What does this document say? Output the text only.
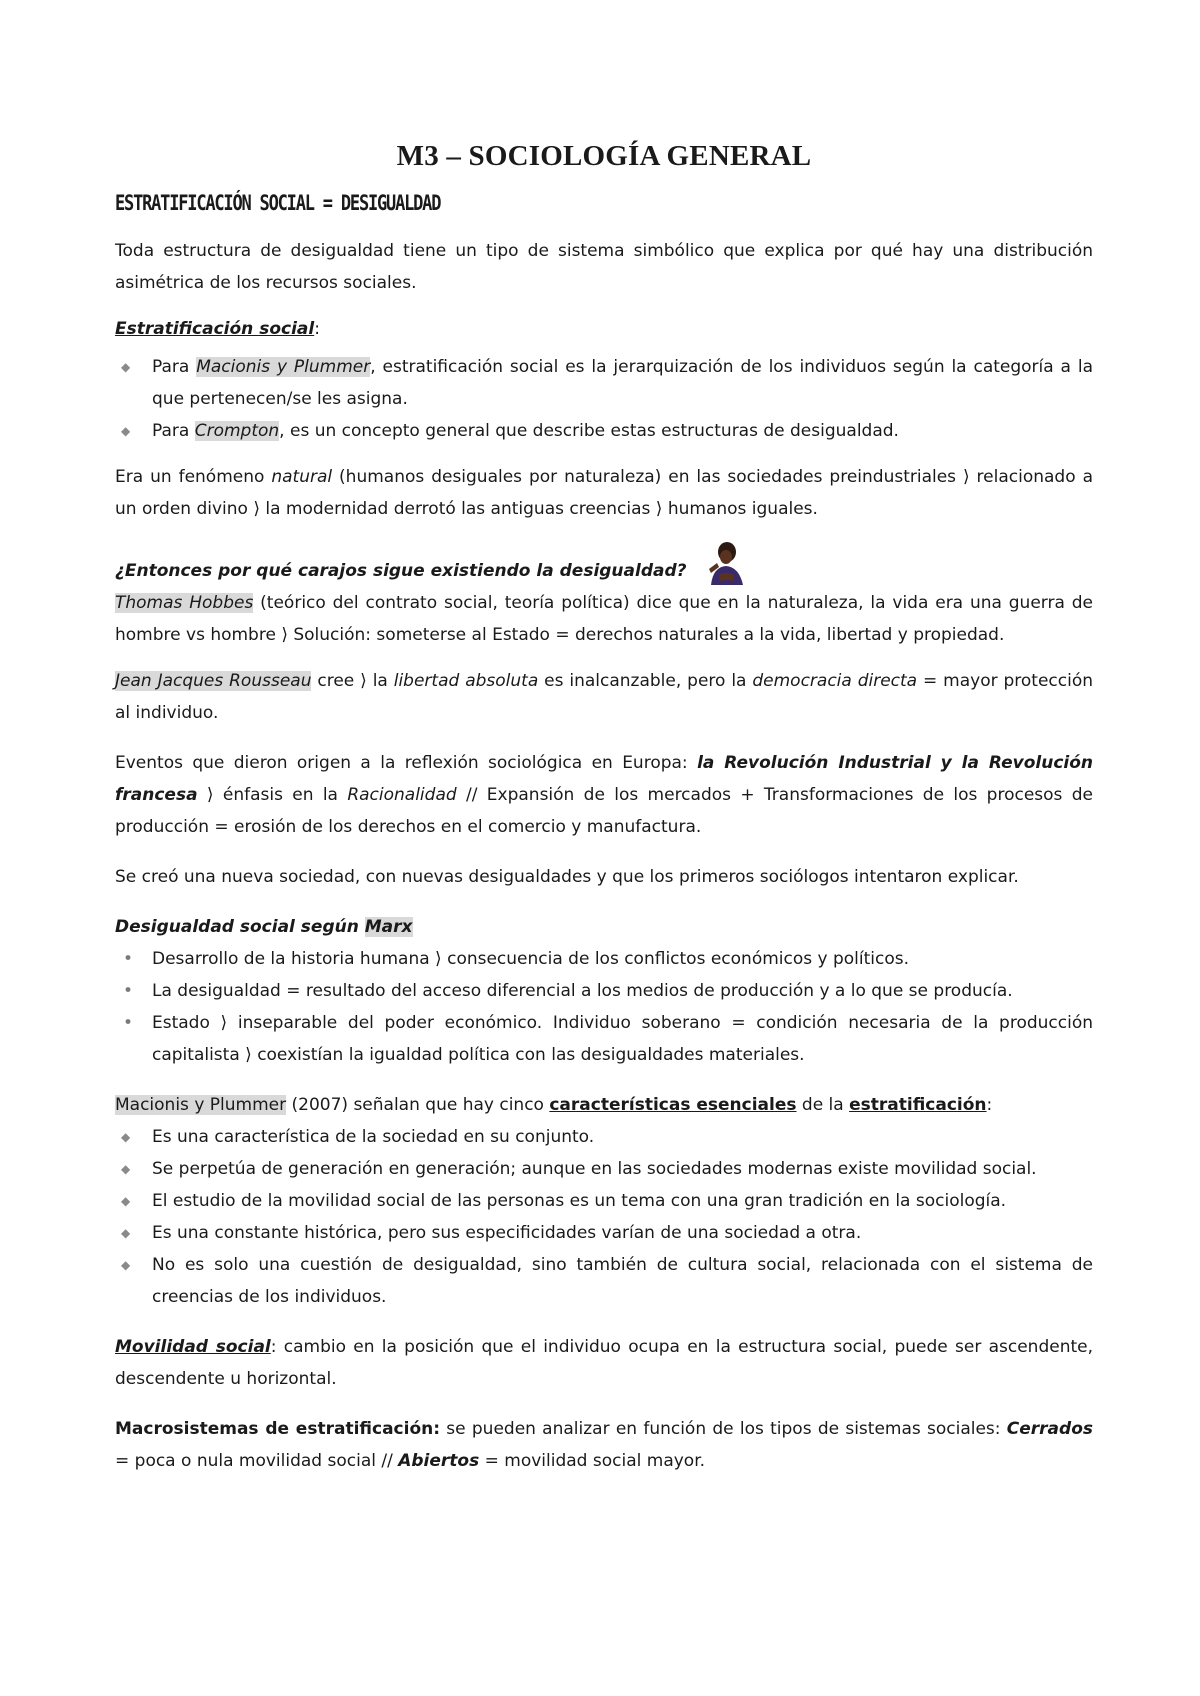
M3 – SOCIOLOGÍA GENERAL
ESTRATIFICACIÓN SOCIAL = DESIGUALDAD

Toda estructura de desigualdad tiene un tipo de sistema simbólico que explica por qué hay una distribución asimétrica de los recursos sociales.

Estratificación social:

◆ Para Macionis y Plummer, estratificación social es la jerarquización de los individuos según la categoría a la que pertenecen/se les asigna.
◆ Para Crompton, es un concepto general que describe estas estructuras de desigualdad.

Era un fenómeno natural (humanos desiguales por naturaleza) en las sociedades preindustriales ⟩ relacionado a un orden divino ⟩ la modernidad derrotó las antiguas creencias ⟩ humanos iguales.

¿Entonces por qué carajos sigue existiendo la desigualdad?

Thomas Hobbes (teórico del contrato social, teoría política) dice que en la naturaleza, la vida era una guerra de hombre vs hombre ⟩ Solución: someterse al Estado = derechos naturales a la vida, libertad y propiedad.

Jean Jacques Rousseau cree ⟩ la libertad absoluta es inalcanzable, pero la democracia directa = mayor protección al individuo.

Eventos que dieron origen a la reflexión sociológica en Europa: la Revolución Industrial y la Revolución francesa ⟩ énfasis en la Racionalidad // Expansión de los mercados + Transformaciones de los procesos de producción = erosión de los derechos en el comercio y manufactura.

Se creó una nueva sociedad, con nuevas desigualdades y que los primeros sociólogos intentaron explicar.

Desigualdad social según Marx

• Desarrollo de la historia humana ⟩ consecuencia de los conflictos económicos y políticos.
• La desigualdad = resultado del acceso diferencial a los medios de producción y a lo que se producía.
• Estado ⟩ inseparable del poder económico. Individuo soberano = condición necesaria de la producción capitalista ⟩ coexistían la igualdad política con las desigualdades materiales.

Macionis y Plummer (2007) señalan que hay cinco características esenciales de la estratificación:

◆ Es una característica de la sociedad en su conjunto.
◆ Se perpetúa de generación en generación; aunque en las sociedades modernas existe movilidad social.
◆ El estudio de la movilidad social de las personas es un tema con una gran tradición en la sociología.
◆ Es una constante histórica, pero sus especificidades varían de una sociedad a otra.
◆ No es solo una cuestión de desigualdad, sino también de cultura social, relacionada con el sistema de creencias de los individuos.

Movilidad social: cambio en la posición que el individuo ocupa en la estructura social, puede ser ascendente, descendente u horizontal.

Macrosistemas de estratificación: se pueden analizar en función de los tipos de sistemas sociales: Cerrados = poca o nula movilidad social // Abiertos = movilidad social mayor.
